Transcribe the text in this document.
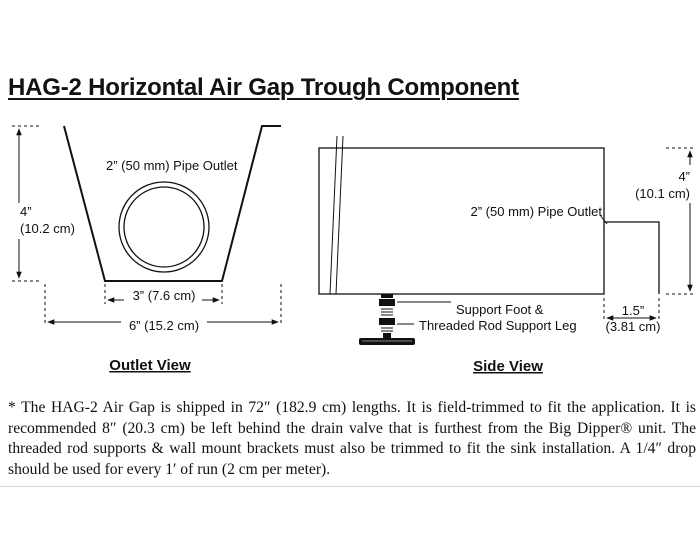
HAG-2 Horizontal Air Gap Trough Component
2” (50 mm) Pipe Outlet
4”
(10.2 cm)
3” (7.6 cm)
6” (15.2 cm)
Outlet View
2” (50 mm) Pipe Outlet
4”
(10.1 cm)
Support Foot &
Threaded Rod Support Leg
1.5”
(3.81 cm)
Side View

* The HAG-2 Air Gap is shipped in 72″ (182.9 cm) lengths. It is field-trimmed to fit the application. It is recommended 8″ (20.3 cm) be left behind the drain valve that is furthest from the Big Dipper® unit. The threaded rod supports & wall mount brackets must also be trimmed to fit the sink installation. A 1/4″ drop should be used for every 1′ of run (2 cm per meter).
